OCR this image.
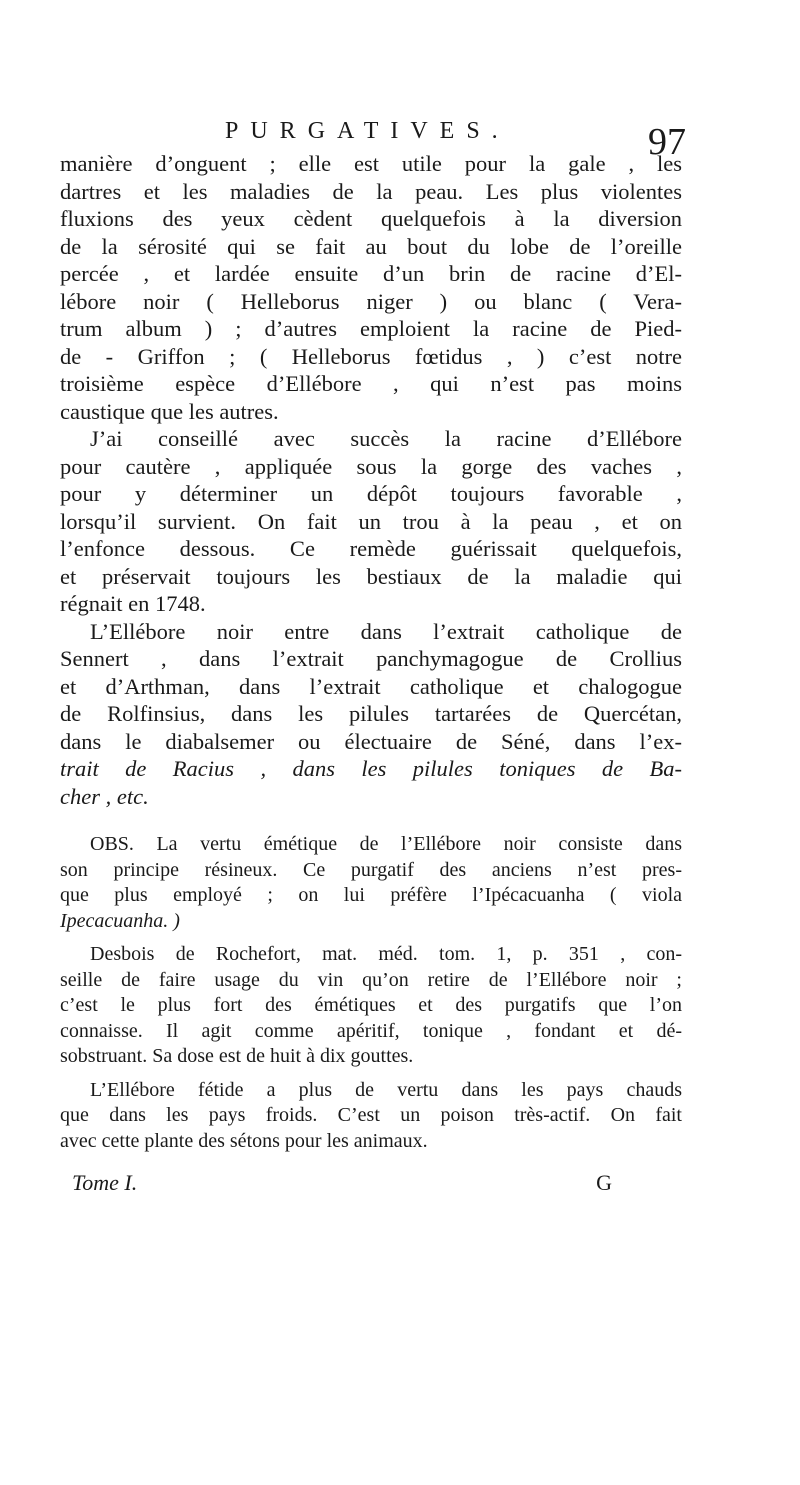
PURGATIVES.	97
manière d’onguent ; elle est utile pour la gale , les
dartres et les maladies de la peau. Les plus violentes
fluxions des yeux cèdent quelquefois à la diversion
de la sérosité qui se fait au bout du lobe de l’oreille
percée , et lardée ensuite d’un brin de racine d’El-
lébore noir ( Helleborus niger ) ou blanc ( Vera-
trum album ) ; d’autres emploient la racine de Pied-
de - Griffon ; ( Helleborus fœtidus , ) c’est notre
troisième espèce d’Ellébore , qui n’est pas moins
caustique que les autres.
J’ai conseillé avec succès la racine d’Ellébore
pour cautère , appliquée sous la gorge des vaches ,
pour y déterminer un dépôt toujours favorable ,
lorsqu’il survient. On fait un trou à la peau , et on
l’enfonce dessous. Ce remède guérissait quelquefois,
et préservait toujours les bestiaux de la maladie qui
régnait en 1748.
L’Ellébore noir entre dans l’extrait catholique de
Sennert , dans l’extrait panchymagogue de Crollius
et d’Arthman, dans l’extrait catholique et chalogogue
de Rolfinsius, dans les pilules tartarées de Quercétan,
dans le diabalsemer ou électuaire de Séné, dans l’ex-
trait de Racius , dans les pilules toniques de Ba-
cher , etc.
OBS. La vertu émétique de l’Ellébore noir consiste dans
son principe résineux. Ce purgatif des anciens n’est pres-
que plus employé ; on lui préfère l’Ipécacuanha ( viola
Ipecacuanha. )
Desbois de Rochefort, mat. méd. tom. 1, p. 351 , con-
seille de faire usage du vin qu’on retire de l’Ellébore noir ;
c’est le plus fort des émétiques et des purgatifs que l’on
connaisse. Il agit comme apéritif, tonique , fondant et dé-
sobstruant. Sa dose est de huit à dix gouttes.
L’Ellébore fétide a plus de vertu dans les pays chauds
que dans les pays froids. C’est un poison très-actif. On fait
avec cette plante des sétons pour les animaux.
Tome I.	G
